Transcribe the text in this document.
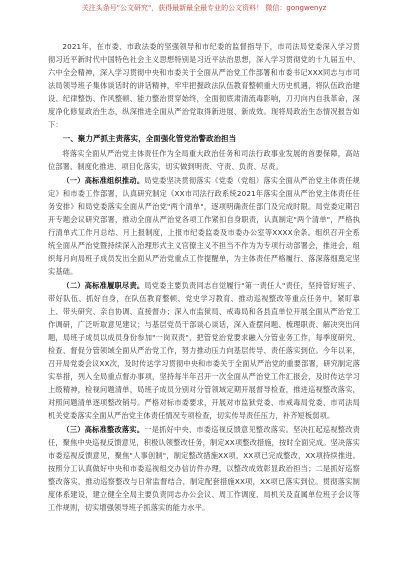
关注头条号"公文研究"，获得最新最全最专业的公文资料！ 微信：gongwenyz

2021年，在市委、市政法委的坚强领导和市纪委的监督指导下，市司法局党委深入学习贯彻习近平新时代中国特色社会主义思想特别是习近平法治思想，深入学习贯彻党的十九届五中、六中全会精神，深入学习贯彻中央和市委关于全面从严治党工作部署和市委书记XXX同志与市司法局领导班子集体谈话时的讲话精神，牢牢把握政法队伍教育整顿重大历史机遇，将队伍政治建设、纪律整饬、作风整顿、能力整治贯穿始终，全面彻底肃清流毒影响，刀刃向内自我革命，深度净化修复政治生态，纵深推进全面从严治党取得新进展、新成效。现将局政治生态情况报告如下：

一、聚力严抓主责落实，全面强化管党治警政治担当

将落实全面从严治党主体责任作为全局重大政治任务和司法行政事业发展的首要保障，高站位部署、制度化推进、项目化落实，切实做到明责、守责、负责、尽责。

（一）高标准组织推动。局党委坚决贯彻落实《党委（党组）落实全面从严治党主体责任规定》和市委工作部署，认真研究制定《XX市司法行政系统2021年落实全面从严治党主体责任任务安排》和局党委落实全面从严治党"两个清单"，逐项明确责任部门及完成时限。局党委定期召开专题会议研究部署，推动全面从严治党各项工作紧扣自身职责，认真制定"两个清单"，严格执行清单式工作月总结、月上报制度，上报市纪委监委及市委办公室等XXXX余条。组织召开全系统全面从严治党暨持续深入治理形式主义官僚主义不担当不作为为专项行动部署会，推进会，组织每月向局班子成员发出全面从严治党重点工作提醒单，为主体责任严格履行、落深落细奠定坚实基础。

（二）高标准履职尽责。局党委主要负责同志自觉履行"第一责任人"责任，坚持管好班子、带好队伍、抓好自身，在队伍教育整顿、党史学习教育、推动巡视整改等重点任务中，紧盯靠上、带头研究、亲自协调、直接督办；深入市监狱局、戒毒局和各县直单位开展全面从严治党工作调研，广泛听取意见建议；与基层党员干部谈心谈话，深入查摆问题、梳理职责、解决突出问题，局班子成员以成员身份参加"一岗双责"，把管党治党要求融入分管业务工作，每季度研究、检查、督促分管领域全面从严治党工作，努力推动压力向基层传导、责任落实到位。今年以来，召开局党委会议XX次，及时传达学习贯彻中央和市委关于全面从严治党的重要部署，研究制定落实举措，列入全局重点督办事项，坚持每半年召开一次全面从严治党工作汇报会，及时传达学习上级精神，检视问题清单，局班子成员分别对分管领域定期开展督导检查，推进巡视整改落实，对照问题清单逐项整改销号。严格对标市委要求，开展对市监狱党委、市戒毒局党委、市司法局机关党委落实全面从严治党主体责任情况专项检查，切实传导责任压力，补齐短板弱项。

（三）高标准整改落实。一是抓好中央、市委巡视反馈意见整改落实。坚决扛起巡视整改责任，聚焦中央巡视反馈意见，积极认领整改任务，制定XX项整改措施，按时全面完成。坚决落实市委巡视反馈意见，聚焦"人事创制"，制定整改措施XX项，XX项已完成整改，XX项持续推进。按照分工认真做好中央和市委巡视组交办信访件办理，以整改成效彰显政治担当；二是抓好巡察整改落实，推动巡察整改与日常监督结合，制定配套措施XX项，XX项已落实到位。贯彻落实制度体系建设，建立健全全局主要负责同志办公会议、周工作调度、局机关及直属单位班子会议等工作规则，切实增强领导班子抓落实的能力水平。
